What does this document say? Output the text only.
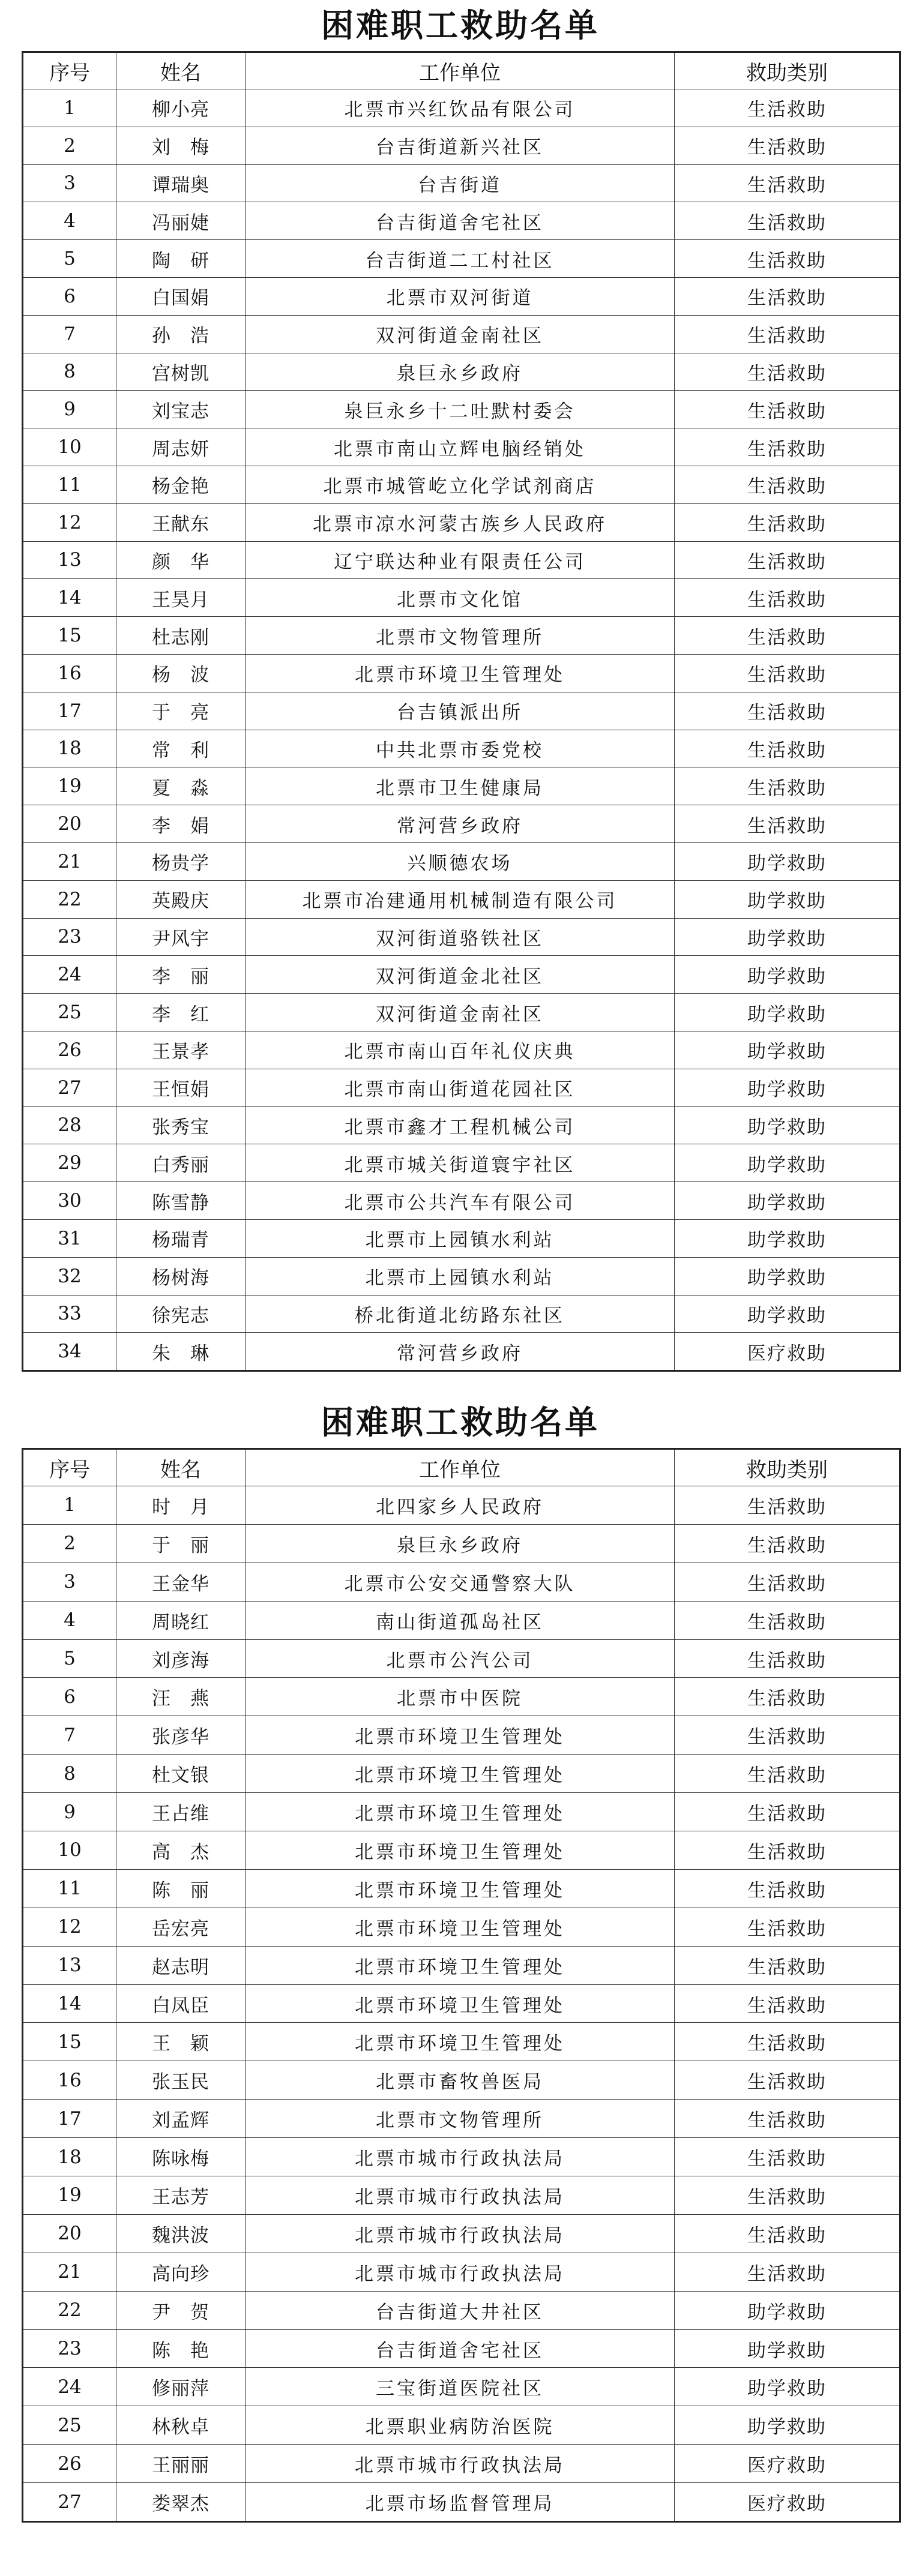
困难职工救助名单
序号	姓名	工作单位	救助类别
1	柳小亮	北票市兴红饮品有限公司	生活救助
2	刘　梅	台吉街道新兴社区	生活救助
3	谭瑞奥	台吉街道	生活救助
4	冯丽婕	台吉街道舍宅社区	生活救助
5	陶　研	台吉街道二工村社区	生活救助
6	白国娟	北票市双河街道	生活救助
7	孙　浩	双河街道金南社区	生活救助
8	宫树凯	泉巨永乡政府	生活救助
9	刘宝志	泉巨永乡十二吐默村委会	生活救助
10	周志妍	北票市南山立辉电脑经销处	生活救助
11	杨金艳	北票市城管屹立化学试剂商店	生活救助
12	王献东	北票市凉水河蒙古族乡人民政府	生活救助
13	颜　华	辽宁联达种业有限责任公司	生活救助
14	王昊月	北票市文化馆	生活救助
15	杜志刚	北票市文物管理所	生活救助
16	杨　波	北票市环境卫生管理处	生活救助
17	于　亮	台吉镇派出所	生活救助
18	常　利	中共北票市委党校	生活救助
19	夏　淼	北票市卫生健康局	生活救助
20	李　娟	常河营乡政府	生活救助
21	杨贵学	兴顺德农场	助学救助
22	英殿庆	北票市冶建通用机械制造有限公司	助学救助
23	尹风宇	双河街道骆铁社区	助学救助
24	李　丽	双河街道金北社区	助学救助
25	李　红	双河街道金南社区	助学救助
26	王景孝	北票市南山百年礼仪庆典	助学救助
27	王恒娟	北票市南山街道花园社区	助学救助
28	张秀宝	北票市鑫才工程机械公司	助学救助
29	白秀丽	北票市城关街道寰宇社区	助学救助
30	陈雪静	北票市公共汽车有限公司	助学救助
31	杨瑞青	北票市上园镇水利站	助学救助
32	杨树海	北票市上园镇水利站	助学救助
33	徐宪志	桥北街道北纺路东社区	助学救助
34	朱　琳	常河营乡政府	医疗救助
困难职工救助名单
序号	姓名	工作单位	救助类别
1	时　月	北四家乡人民政府	生活救助
2	于　丽	泉巨永乡政府	生活救助
3	王金华	北票市公安交通警察大队	生活救助
4	周晓红	南山街道孤岛社区	生活救助
5	刘彦海	北票市公汽公司	生活救助
6	汪　燕	北票市中医院	生活救助
7	张彦华	北票市环境卫生管理处	生活救助
8	杜文银	北票市环境卫生管理处	生活救助
9	王占维	北票市环境卫生管理处	生活救助
10	高　杰	北票市环境卫生管理处	生活救助
11	陈　丽	北票市环境卫生管理处	生活救助
12	岳宏亮	北票市环境卫生管理处	生活救助
13	赵志明	北票市环境卫生管理处	生活救助
14	白凤臣	北票市环境卫生管理处	生活救助
15	王　颖	北票市环境卫生管理处	生活救助
16	张玉民	北票市畜牧兽医局	生活救助
17	刘孟辉	北票市文物管理所	生活救助
18	陈咏梅	北票市城市行政执法局	生活救助
19	王志芳	北票市城市行政执法局	生活救助
20	魏洪波	北票市城市行政执法局	生活救助
21	高向珍	北票市城市行政执法局	生活救助
22	尹　贺	台吉街道大井社区	助学救助
23	陈　艳	台吉街道舍宅社区	助学救助
24	修丽萍	三宝街道医院社区	助学救助
25	林秋卓	北票职业病防治医院	助学救助
26	王丽丽	北票市城市行政执法局	医疗救助
27	娄翠杰	北票市场监督管理局	医疗救助
